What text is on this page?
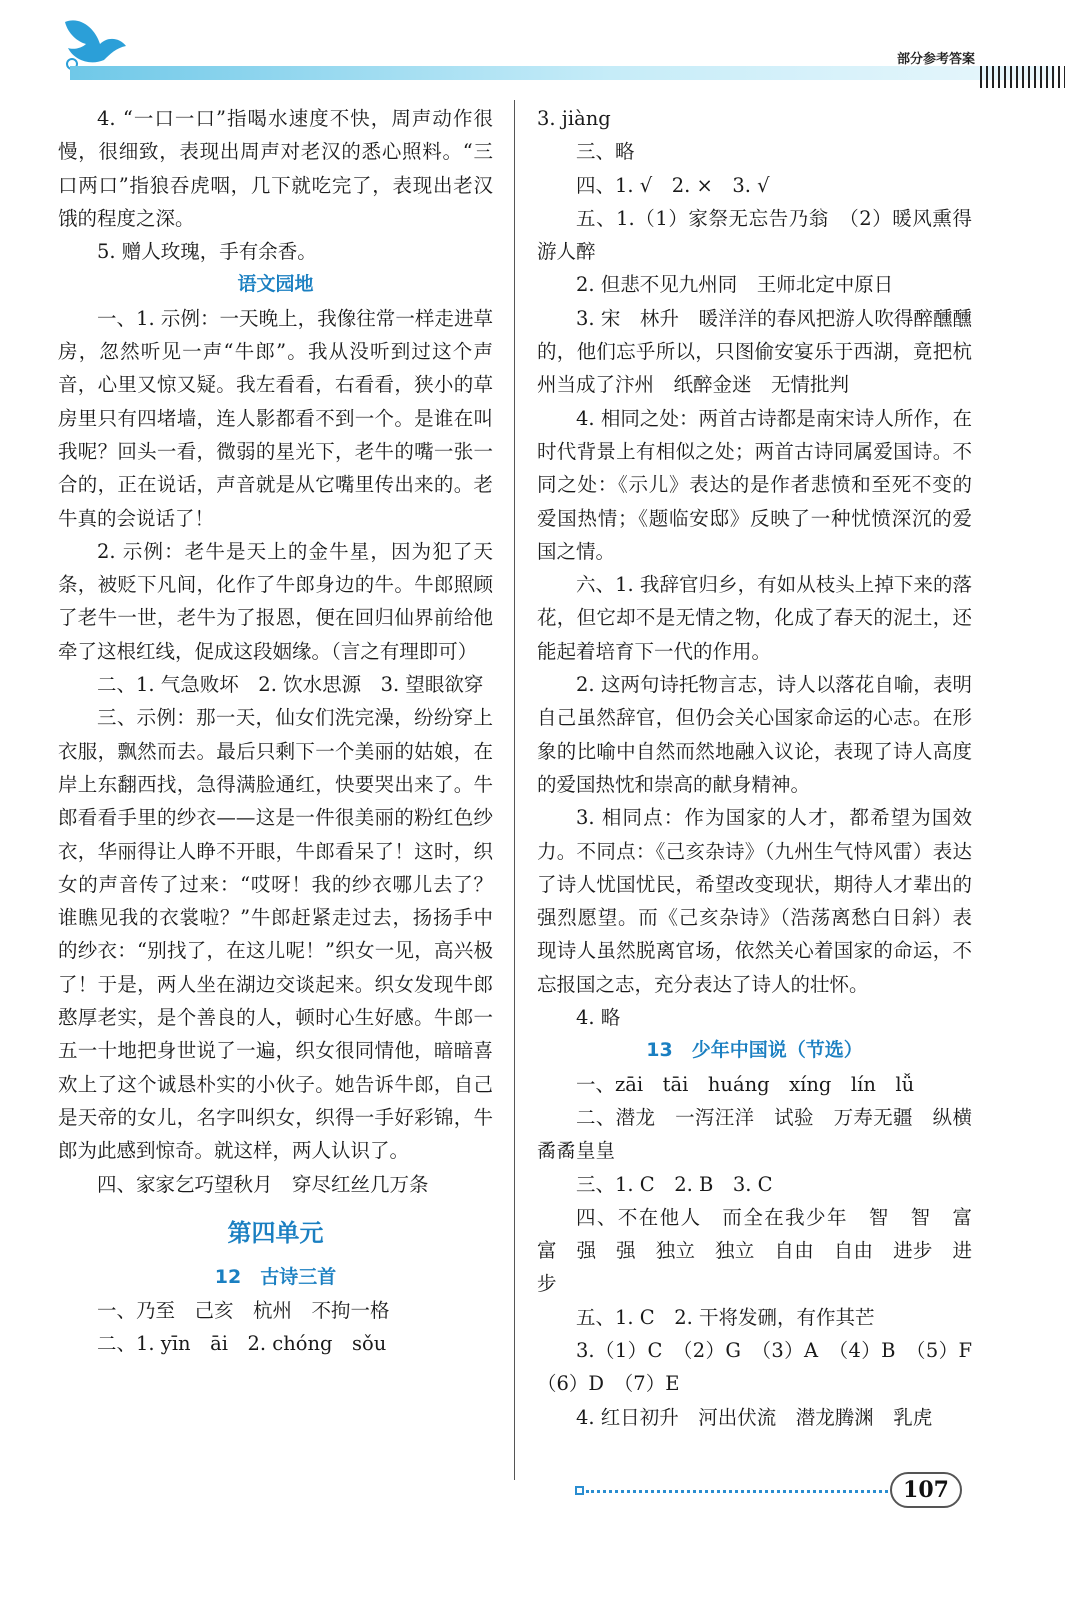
部分参考答案
4. “一口一口”指喝水速度不快，周声动作很慢，很细致，表现出周声对老汉的悉心照料。“三口两口”指狼吞虎咽，几下就吃完了，表现出老汉饿的程度之深。
5. 赠人玫瑰，手有余香。
语文园地
一、1. 示例：一天晚上，我像往常一样走进草房，忽然听见一声“牛郎”。我从没听到过这个声音，心里又惊又疑。我左看看，右看看，狭小的草房里只有四堵墙，连人影都看不到一个。是谁在叫我呢？回头一看，微弱的星光下，老牛的嘴一张一合的，正在说话，声音就是从它嘴里传出来的。老牛真的会说话了！
2. 示例：老牛是天上的金牛星，因为犯了天条，被贬下凡间，化作了牛郎身边的牛。牛郎照顾了老牛一世，老牛为了报恩，便在回归仙界前给他牵了这根红线，促成这段姻缘。（言之有理即可）
二、1. 气急败坏　2. 饮水思源　3. 望眼欲穿
三、示例：那一天，仙女们洗完澡，纷纷穿上衣服，飘然而去。最后只剩下一个美丽的姑娘，在岸上东翻西找，急得满脸通红，快要哭出来了。牛郎看看手里的纱衣——这是一件很美丽的粉红色纱衣，华丽得让人睁不开眼，牛郎看呆了！这时，织女的声音传了过来：“哎呀！我的纱衣哪儿去了？谁瞧见我的衣裳啦？”牛郎赶紧走过去，扬扬手中的纱衣：“别找了，在这儿呢！”织女一见，高兴极了！于是，两人坐在湖边交谈起来。织女发现牛郎憨厚老实，是个善良的人，顿时心生好感。牛郎一五一十地把身世说了一遍，织女很同情他，暗暗喜欢上了这个诚恳朴实的小伙子。她告诉牛郎，自己是天帝的女儿，名字叫织女，织得一手好彩锦，牛郎为此感到惊奇。就这样，两人认识了。
四、家家乞巧望秋月　穿尽红丝几万条
第四单元
12　古诗三首
一、乃至　己亥　杭州　不拘一格
二、1. yīn　āi　2. chóng　sǒu
3. jiàng
三、略
四、1. √　2. ×　3. √
五、1.（1）家祭无忘告乃翁　（2）暖风熏得游人醉
2. 但悲不见九州同　王师北定中原日
3. 宋　林升　暖洋洋的春风把游人吹得醉醺醺的，他们忘乎所以，只图偷安宴乐于西湖，竟把杭州当成了汴州　纸醉金迷　无情批判
4. 相同之处：两首古诗都是南宋诗人所作，在时代背景上有相似之处；两首古诗同属爱国诗。不同之处：《示儿》表达的是作者悲愤和至死不变的爱国热情；《题临安邸》反映了一种忧愤深沉的爱国之情。
六、1. 我辞官归乡，有如从枝头上掉下来的落花，但它却不是无情之物，化成了春天的泥土，还能起着培育下一代的作用。
2. 这两句诗托物言志，诗人以落花自喻，表明自己虽然辞官，但仍会关心国家命运的心志。在形象的比喻中自然而然地融入议论，表现了诗人高度的爱国热忱和崇高的献身精神。
3. 相同点：作为国家的人才，都希望为国效力。不同点：《己亥杂诗》（九州生气恃风雷）表达了诗人忧国忧民，希望改变现状，期待人才辈出的强烈愿望。而《己亥杂诗》（浩荡离愁白日斜）表现诗人虽然脱离官场，依然关心着国家的命运，不忘报国之志，充分表达了诗人的壮怀。
4. 略
13　少年中国说（节选）
一、zāi　tāi　huáng　xíng　lín　lǚ
二、潜龙　一泻汪洋　试验　万寿无疆　纵横　矞矞皇皇
三、1. C　2. B　3. C
四、不在他人　而全在我少年　智　智　富　富　强　强　独立　独立　自由　自由　进步　进步
五、1. C　2. 干将发硎，有作其芒
3.（1）C　（2）G　（3）A　（4）B　（5）F　（6）D　（7）E
4. 红日初升　河出伏流　潜龙腾渊　乳虎
107
